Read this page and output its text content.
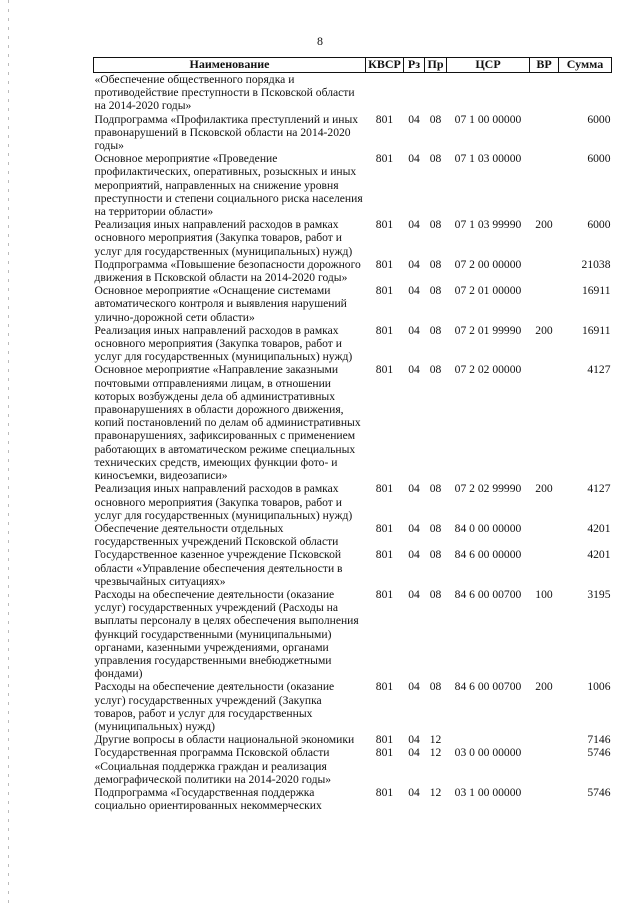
8
Наименование	КВСР	Рз	Пр	ЦСР	ВР	Сумма
«Обеспечение общественного порядка и противодействие преступности в Псковской области на 2014-2020 годы»						
Подпрограмма «Профилактика преступлений и иных правонарушений в Псковской области на 2014-2020 годы»	801	04	08	07 1 00 00000		6000
Основное мероприятие «Проведение профилактических, оперативных, розыскных и иных мероприятий, направленных на снижение уровня преступности и степени социального риска населения на территории области»	801	04	08	07 1 03 00000		6000
Реализация иных направлений расходов в рамках основного мероприятия (Закупка товаров, работ и услуг для государственных (муниципальных) нужд)	801	04	08	07 1 03 99990	200	6000
Подпрограмма «Повышение безопасности дорожного движения в Псковской области на 2014-2020 годы»	801	04	08	07 2 00 00000		21038
Основное мероприятие «Оснащение системами автоматического контроля и выявления нарушений улично-дорожной сети области»	801	04	08	07 2 01 00000		16911
Реализация иных направлений расходов в рамках основного мероприятия (Закупка товаров, работ и услуг для государственных (муниципальных) нужд)	801	04	08	07 2 01 99990	200	16911
Основное мероприятие «Направление заказными почтовыми отправлениями лицам, в отношении которых возбуждены дела об административных правонарушениях в области дорожного движения, копий постановлений по делам об административных правонарушениях, зафиксированных с применением работающих в автоматическом режиме специальных технических средств, имеющих функции фото- и киносъемки, видеозаписи»	801	04	08	07 2 02 00000		4127
Реализация иных направлений расходов в рамках основного мероприятия (Закупка товаров, работ и услуг для государственных (муниципальных) нужд)	801	04	08	07 2 02 99990	200	4127
Обеспечение деятельности отдельных государственных учреждений Псковской области	801	04	08	84 0 00 00000		4201
Государственное казенное учреждение Псковской области «Управление обеспечения деятельности в чрезвычайных ситуациях»	801	04	08	84 6 00 00000		4201
Расходы на обеспечение деятельности (оказание услуг) государственных учреждений (Расходы на выплаты персоналу в целях обеспечения выполнения функций государственными (муниципальными) органами, казенными учреждениями, органами управления государственными внебюджетными фондами)	801	04	08	84 6 00 00700	100	3195
Расходы на обеспечение деятельности (оказание услуг) государственных учреждений (Закупка товаров, работ и услуг для государственных (муниципальных) нужд)	801	04	08	84 6 00 00700	200	1006
Другие вопросы в области национальной экономики	801	04	12			7146
Государственная программа Псковской области «Социальная поддержка граждан и реализация демографической политики на 2014-2020 годы»	801	04	12	03 0 00 00000		5746
Подпрограмма «Государственная поддержка социально ориентированных некоммерческих	801	04	12	03 1 00 00000		5746
